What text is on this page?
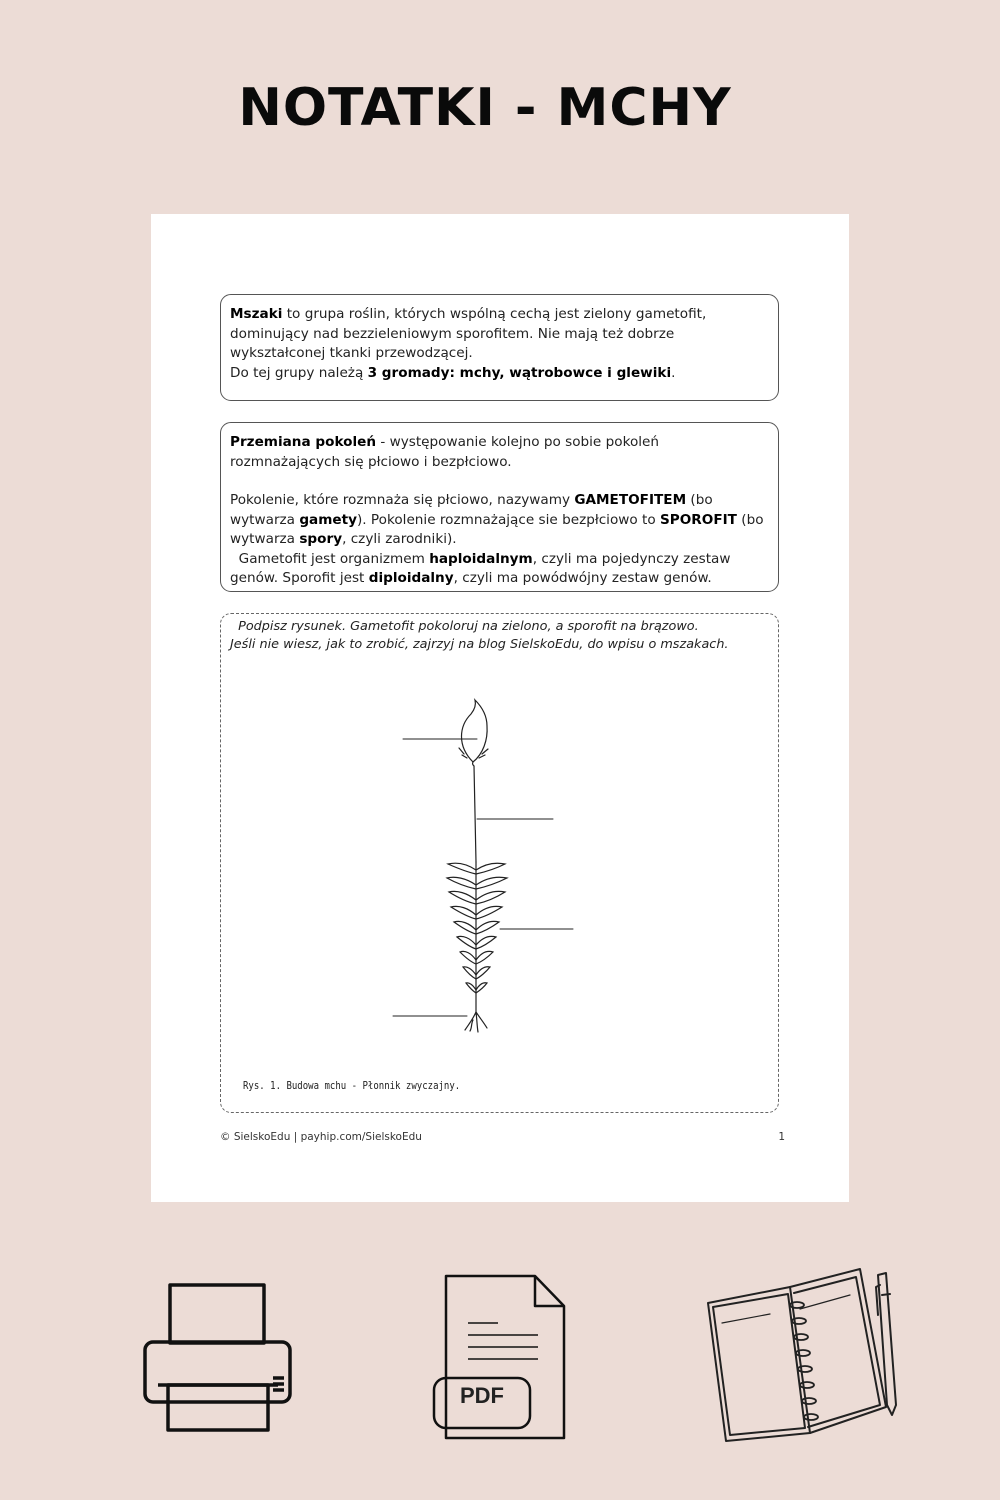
NOTATKI - MCHY
Mszaki to grupa roślin, których wspólną cechą jest zielony gametofit, dominujący nad bezzieleniowym sporofitem. Nie mają też dobrze wykształconej tkanki przewodzącej.
Do tej grupy należą 3 gromady: mchy, wątrobowce i glewiki.
Przemiana pokoleń - występowanie kolejno po sobie pokoleń rozmnażających się płciowo i bezpłciowo.
Pokolenie, które rozmnaża się płciowo, nazywamy GAMETOFITEM (bo wytwarza gamety). Pokolenie rozmnażające sie bezpłciowo to SPOROFIT (bo wytwarza spory, czyli zarodniki).
Gametofit jest organizmem haploidalnym, czyli ma pojedynczy zestaw genów. Sporofit jest diploidalny, czyli ma powódwójny zestaw genów.
Podpisz rysunek. Gametofit pokoloruj na zielono, a sporofit na brązowo.
Jeśli nie wiesz, jak to zrobić, zajrzyj na blog SielskoEdu, do wpisu o mszakach.
Rys. 1. Budowa mchu - Płonnik zwyczajny.
© SielskoEdu | payhip.com/SielskoEdu	1
PDF
